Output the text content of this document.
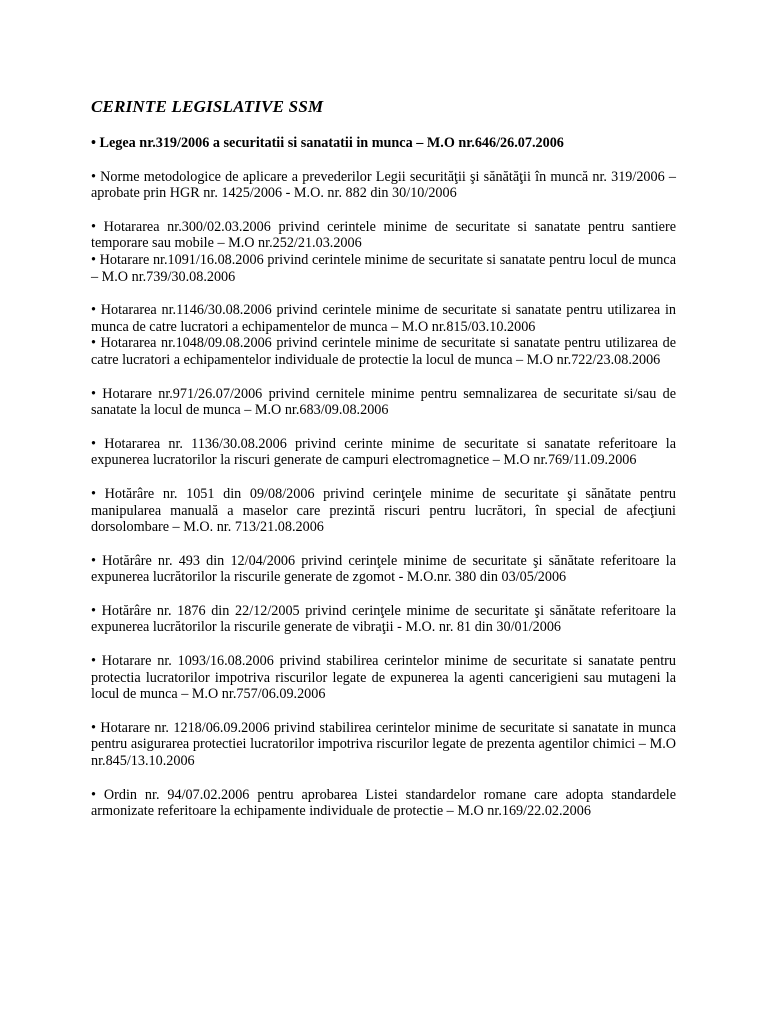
CERINTE LEGISLATIVE SSM

• Legea nr.319/2006 a securitatii si sanatatii in munca – M.O nr.646/26.07.2006

• Norme metodologice de aplicare a prevederilor Legii securităţii şi sănătăţii în muncă nr. 319/2006 – aprobate prin HGR nr. 1425/2006 - M.O. nr. 882 din 30/10/2006

• Hotararea nr.300/02.03.2006 privind cerintele minime de securitate si sanatate pentru santiere temporare sau mobile – M.O nr.252/21.03.2006

• Hotarare nr.1091/16.08.2006 privind cerintele minime de securitate si sanatate pentru locul de munca – M.O nr.739/30.08.2006

• Hotararea nr.1146/30.08.2006 privind cerintele minime de securitate si sanatate pentru utilizarea in munca de catre lucratori a echipamentelor de munca – M.O nr.815/03.10.2006

• Hotararea nr.1048/09.08.2006 privind cerintele minime de securitate si sanatate pentru utilizarea de catre lucratori a echipamentelor individuale de protectie la locul de munca – M.O nr.722/23.08.2006

• Hotarare nr.971/26.07/2006 privind cernitele minime pentru semnalizarea de securitate si/sau de sanatate la locul de munca – M.O nr.683/09.08.2006

• Hotararea nr. 1136/30.08.2006 privind cerinte minime de securitate si sanatate referitoare la expunerea lucratorilor la riscuri generate de campuri electromagnetice – M.O nr.769/11.09.2006

• Hotărâre nr. 1051 din 09/08/2006 privind cerinţele minime de securitate şi sănătate pentru manipularea manuală a maselor care prezintă riscuri pentru lucrători, în special de afecţiuni dorsolombare – M.O. nr. 713/21.08.2006

• Hotărâre nr. 493 din 12/04/2006 privind cerinţele minime de securitate şi sănătate referitoare la expunerea lucrătorilor la riscurile generate de zgomot - M.O.nr. 380 din 03/05/2006

• Hotărâre nr. 1876 din 22/12/2005 privind cerinţele minime de securitate şi sănătate referitoare la expunerea lucrătorilor la riscurile generate de vibraţii - M.O. nr. 81 din 30/01/2006

• Hotarare nr. 1093/16.08.2006 privind stabilirea cerintelor minime de securitate si sanatate pentru protectia lucratorilor impotriva riscurilor legate de expunerea la agenti cancerigieni sau mutageni la locul de munca – M.O nr.757/06.09.2006

• Hotarare nr. 1218/06.09.2006 privind stabilirea cerintelor minime de securitate si sanatate in munca pentru asigurarea protectiei lucratorilor impotriva riscurilor legate de prezenta agentilor chimici – M.O nr.845/13.10.2006

• Ordin nr. 94/07.02.2006 pentru aprobarea Listei standardelor romane care adopta standardele armonizate referitoare la echipamente individuale de protectie – M.O nr.169/22.02.2006
